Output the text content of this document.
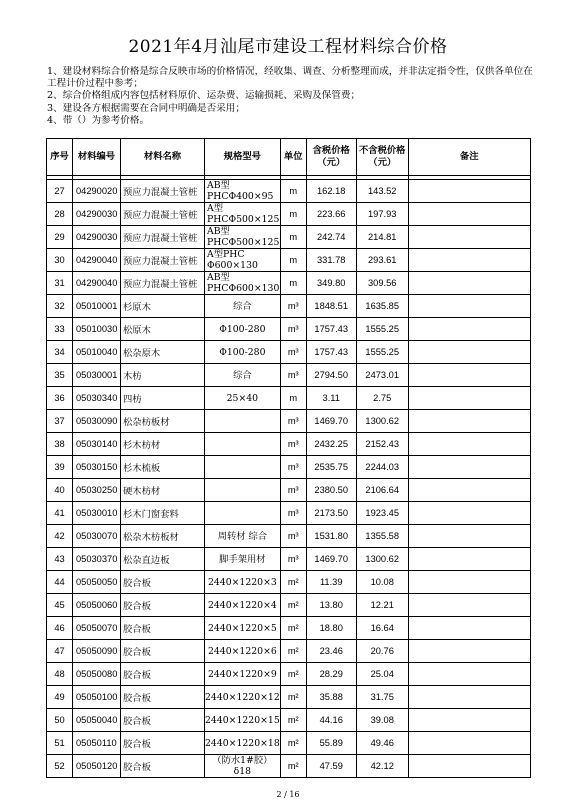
2021年4月汕尾市建设工程材料综合价格
1、建设材料综合价格是综合反映市场的价格情况，经收集、调查、分析整理而成，并非法定指令性，仅供各单位在
工程计价过程中参考；
2、综合价格组成内容包括材料原价、运杂费、运输损耗、采购及保管费；
3、建设各方根据需要在合同中明确是否采用；
4、带（）为参考价格。
序号	材料编号	材料名称	规格型号	单位	含税价格（元）	不含税价格（元）	备注

27	04290020	预应力混凝土管桩	AB型PHCΦ400×95	m	162.18	143.52	
28	04290030	预应力混凝土管桩	A型PHCΦ500×125	m	223.66	197.93	
29	04290030	预应力混凝土管桩	AB型PHCΦ500×125	m	242.74	214.81	
30	04290040	预应力混凝土管桩	A型PHC Φ600×130	m	331.78	293.61	
31	04290040	预应力混凝土管桩	AB型PHCΦ600×130	m	349.80	309.56	
32	05010001	杉原木	综合	m³	1848.51	1635.85	
33	05010030	松原木	Φ100-280	m³	1757.43	1555.25	
34	05010040	松杂原木	Φ100-280	m³	1757.43	1555.25	
35	05030001	木枋	综合	m³	2794.50	2473.01	
36	05030340	四枋	25×40	m	3.11	2.75	
37	05030090	松杂枋板材		m³	1469.70	1300.62	
38	05030140	杉木枋材		m³	2432.25	2152.43	
39	05030150	杉木梳板		m³	2535.75	2244.03	
40	05030250	硬木枋材		m³	2380.50	2106.64	
41	05030010	杉木门窗套料		m³	2173.50	1923.45	
42	05030070	松杂木枋板材	周转材 综合	m³	1531.80	1355.58	
43	05030370	松杂直边板	脚手架用材	m³	1469.70	1300.62	
44	05050050	胶合板	2440×1220×3	m²	11.39	10.08	
45	05050060	胶合板	2440×1220×4	m²	13.80	12.21	
46	05050070	胶合板	2440×1220×5	m²	18.80	16.64	
47	05050090	胶合板	2440×1220×6	m²	23.46	20.76	
48	05050080	胶合板	2440×1220×9	m²	28.29	25.04	
49	05050100	胶合板	2440×1220×12	m²	35.88	31.75	
50	05050040	胶合板	2440×1220×15	m²	44.16	39.08	
51	05050110	胶合板	2440×1220×18	m²	55.89	49.46	
52	05050120	胶合板	（防水1#胶）δ18	m²	47.59	42.12	
2 / 16
